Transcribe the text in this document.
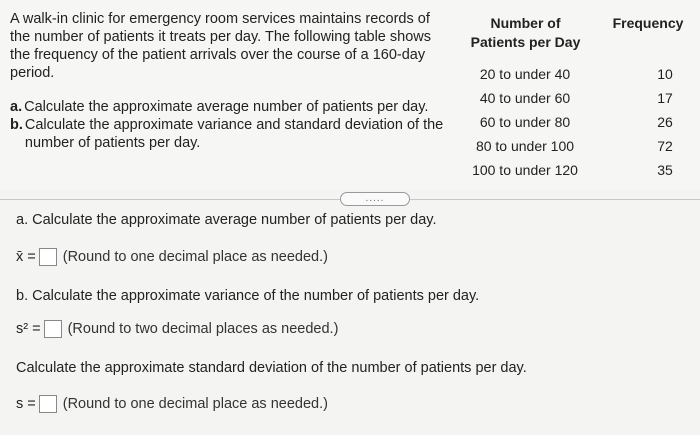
A walk-in clinic for emergency room services maintains records of the number of patients it treats per day. The following table shows the frequency of the patient arrivals over the course of a 160-day period.

a. Calculate the approximate average number of patients per day.
b. Calculate the approximate variance and standard deviation of the number of patients per day.
Number of Patients per Day
Frequency
20 to under 40	10
40 to under 60	17
60 to under 80	26
80 to under 100	72
100 to under 120	35
.....
a. Calculate the approximate average number of patients per day.
x̄ = (Round to one decimal place as needed.)
b. Calculate the approximate variance of the number of patients per day.
s² = (Round to two decimal places as needed.)
Calculate the approximate standard deviation of the number of patients per day.
s = (Round to one decimal place as needed.)
